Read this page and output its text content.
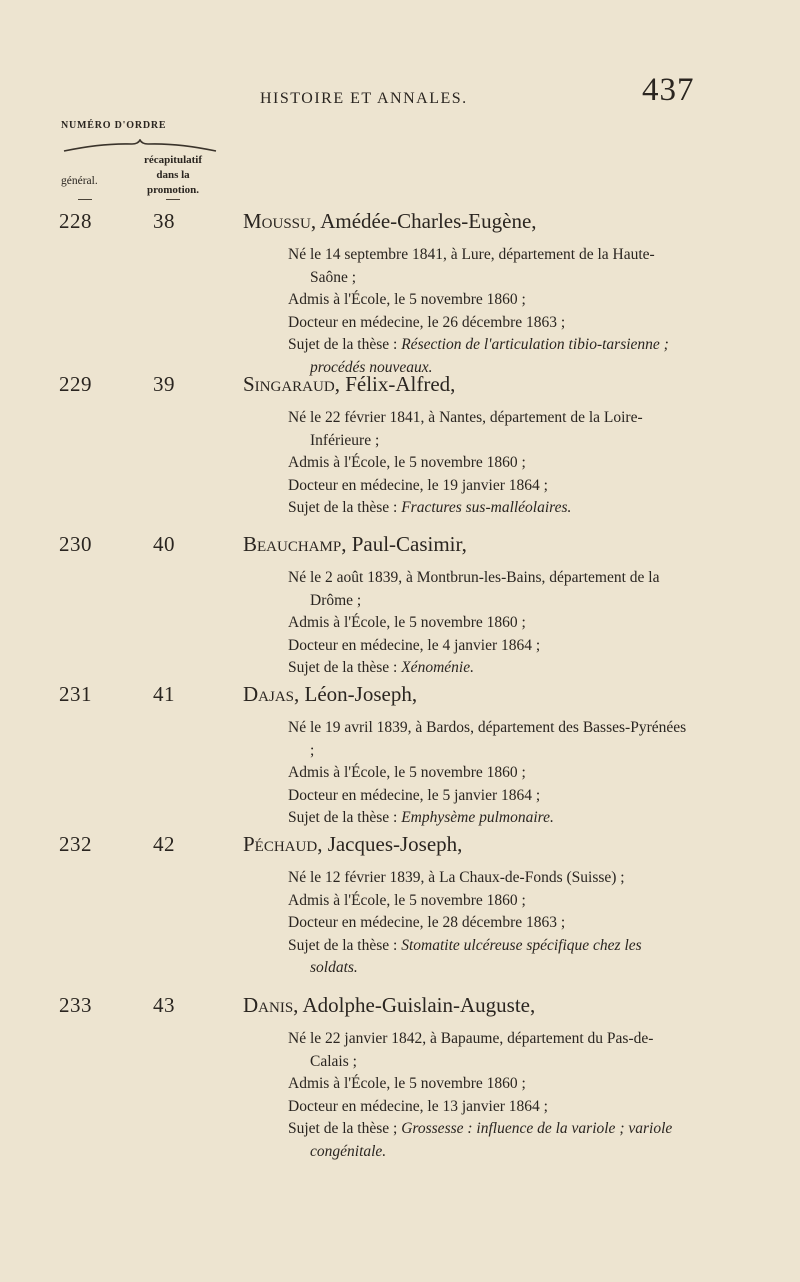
HISTOIRE ET ANNALES.	437
NUMÉRO D'ORDRE
général.
récapitulatif
dans la
promotion.
228	38	Moussu, Amédée-Charles-Eugène,
Né le 14 septembre 1841, à Lure, département de la Haute-Saône ;
Admis à l'École, le 5 novembre 1860 ;
Docteur en médecine, le 26 décembre 1863 ;
Sujet de la thèse : Résection de l'articulation tibio-tarsienne ; procédés nouveaux.
229	39	Singaraud, Félix-Alfred,
Né le 22 février 1841, à Nantes, département de la Loire-Inférieure ;
Admis à l'École, le 5 novembre 1860 ;
Docteur en médecine, le 19 janvier 1864 ;
Sujet de la thèse : Fractures sus-malléolaires.
230	40	Beauchamp, Paul-Casimir,
Né le 2 août 1839, à Montbrun-les-Bains, département de la Drôme ;
Admis à l'École, le 5 novembre 1860 ;
Docteur en médecine, le 4 janvier 1864 ;
Sujet de la thèse : Xénoménie.
231	41	Dajas, Léon-Joseph,
Né le 19 avril 1839, à Bardos, département des Basses-Pyrénées ;
Admis à l'École, le 5 novembre 1860 ;
Docteur en médecine, le 5 janvier 1864 ;
Sujet de la thèse : Emphysème pulmonaire.
232	42	Péchaud, Jacques-Joseph,
Né le 12 février 1839, à La Chaux-de-Fonds (Suisse) ;
Admis à l'École, le 5 novembre 1860 ;
Docteur en médecine, le 28 décembre 1863 ;
Sujet de la thèse : Stomatite ulcéreuse spécifique chez les soldats.
233	43	Danis, Adolphe-Guislain-Auguste,
Né le 22 janvier 1842, à Bapaume, département du Pas-de-Calais ;
Admis à l'École, le 5 novembre 1860 ;
Docteur en médecine, le 13 janvier 1864 ;
Sujet de la thèse ; Grossesse : influence de la variole ; variole congénitale.
